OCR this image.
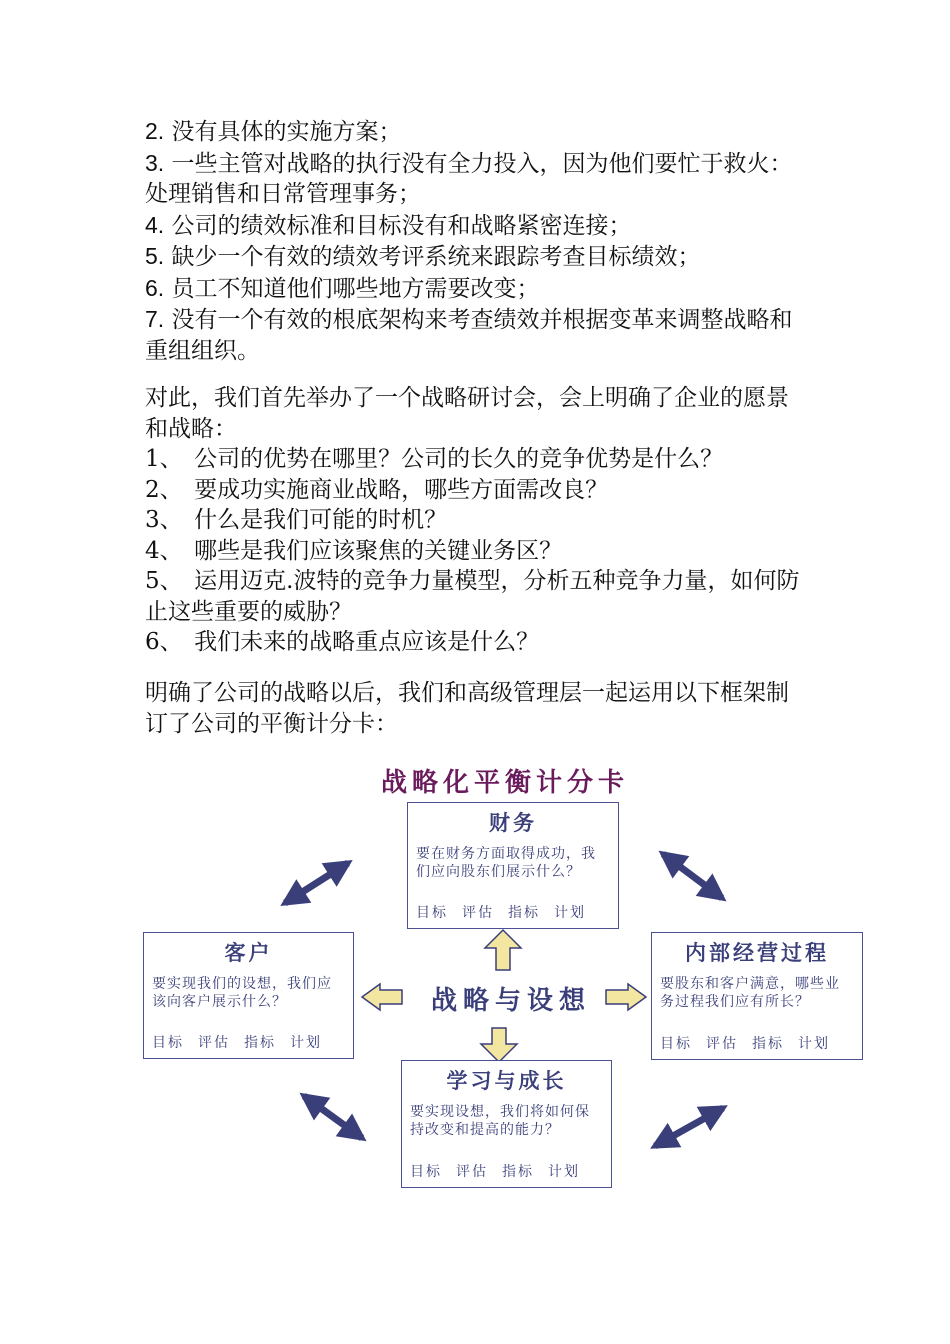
2. 没有具体的实施方案；

3. 一些主管对战略的执行没有全力投入，因为他们要忙于救火：处理销售和日常管理事务；

4. 公司的绩效标准和目标没有和战略紧密连接；

5. 缺少一个有效的绩效考评系统来跟踪考查目标绩效；

6. 员工不知道他们哪些地方需要改变；

7. 没有一个有效的根底架构来考查绩效并根据变革来调整战略和重组组织。

对此，我们首先举办了一个战略研讨会，会上明确了企业的愿景和战略：

1、　公司的优势在哪里？公司的长久的竞争优势是什么？

2、　要成功实施商业战略，哪些方面需改良？

3、　什么是我们可能的时机？

4、　哪些是我们应该聚焦的关键业务区？

5、　运用迈克.波特的竞争力量模型，分析五种竞争力量，如何防止这些重要的威胁？

6、　我们未来的战略重点应该是什么？

明确了公司的战略以后，我们和高级管理层一起运用以下框架制订了公司的平衡计分卡：

战略化平衡计分卡
财务
要在财务方面取得成功，我们应向股东们展示什么？
目标 评估 指标 计划
客户
要实现我们的设想，我们应该向客户展示什么？
目标 评估 指标 计划
内部经营过程
要股东和客户满意，哪些业务过程我们应有所长？
目标 评估 指标 计划
学习与成长
要实现设想，我们将如何保持改变和提高的能力？
目标 评估 指标 计划
战略与设想
